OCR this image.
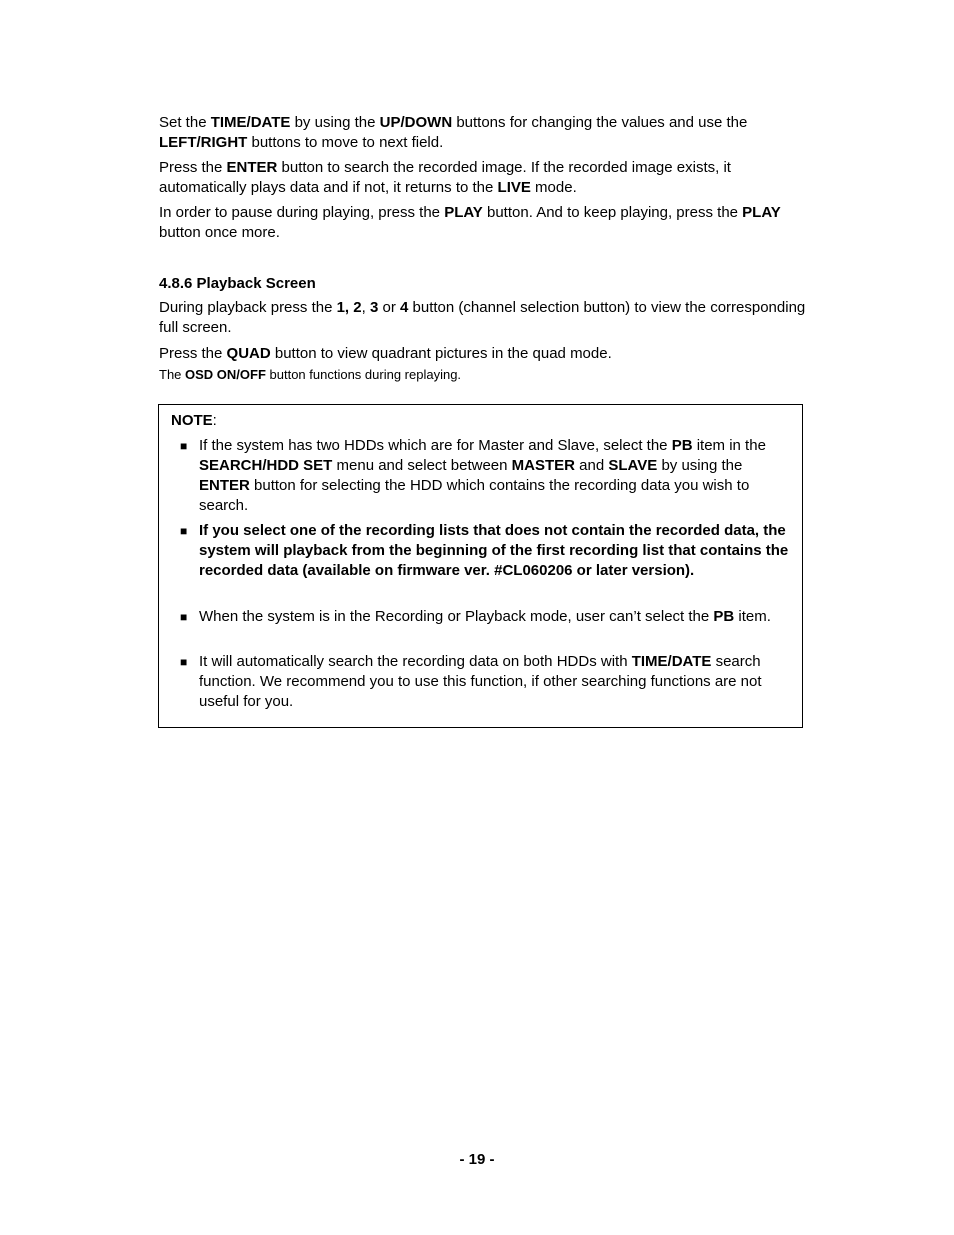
Set the TIME/DATE by using the UP/DOWN buttons for changing the values and use the LEFT/RIGHT buttons to move to next field.

Press the ENTER button to search the recorded image. If the recorded image exists, it automatically plays data and if not, it returns to the LIVE mode.

In order to pause during playing, press the PLAY button. And to keep playing, press the PLAY button once more.

4.8.6 Playback Screen

During playback press the 1, 2, 3 or 4 button (channel selection button) to view the corresponding full screen.

Press the QUAD button to view quadrant pictures in the quad mode.

The OSD ON/OFF button functions during replaying.

NOTE:
■ If the system has two HDDs which are for Master and Slave, select the PB item in the SEARCH/HDD SET menu and select between MASTER and SLAVE by using the ENTER button for selecting the HDD which contains the recording data you wish to search.
■ If you select one of the recording lists that does not contain the recorded data, the system will playback from the beginning of the first recording list that contains the recorded data (available on firmware ver. #CL060206 or later version).
■ When the system is in the Recording or Playback mode, user can’t select the PB item.
■ It will automatically search the recording data on both HDDs with TIME/DATE search function. We recommend you to use this function, if other searching functions are not useful for you.
- 19 -
